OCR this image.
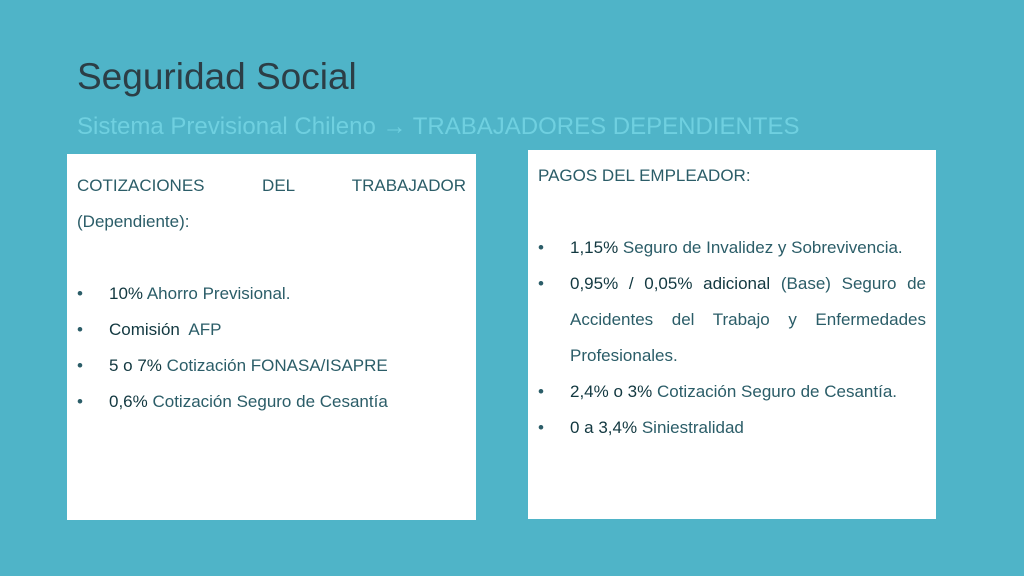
Seguridad Social
Sistema Previsional Chileno → TRABAJADORES DEPENDIENTES
COTIZACIONES DEL TRABAJADOR
(Dependiente):
•	10% Ahorro Previsional.
•	Comisión  AFP
•	5 o 7% Cotización FONASA/ISAPRE
•	0,6% Cotización Seguro de Cesantía
PAGOS DEL EMPLEADOR:
•	1,15% Seguro de Invalidez y Sobrevivencia.
•	0,95% / 0,05% adicional (Base) Seguro de Accidentes del Trabajo y Enfermedades Profesionales.
•	2,4% o 3% Cotización Seguro de Cesantía.
•	0 a 3,4% Siniestralidad
